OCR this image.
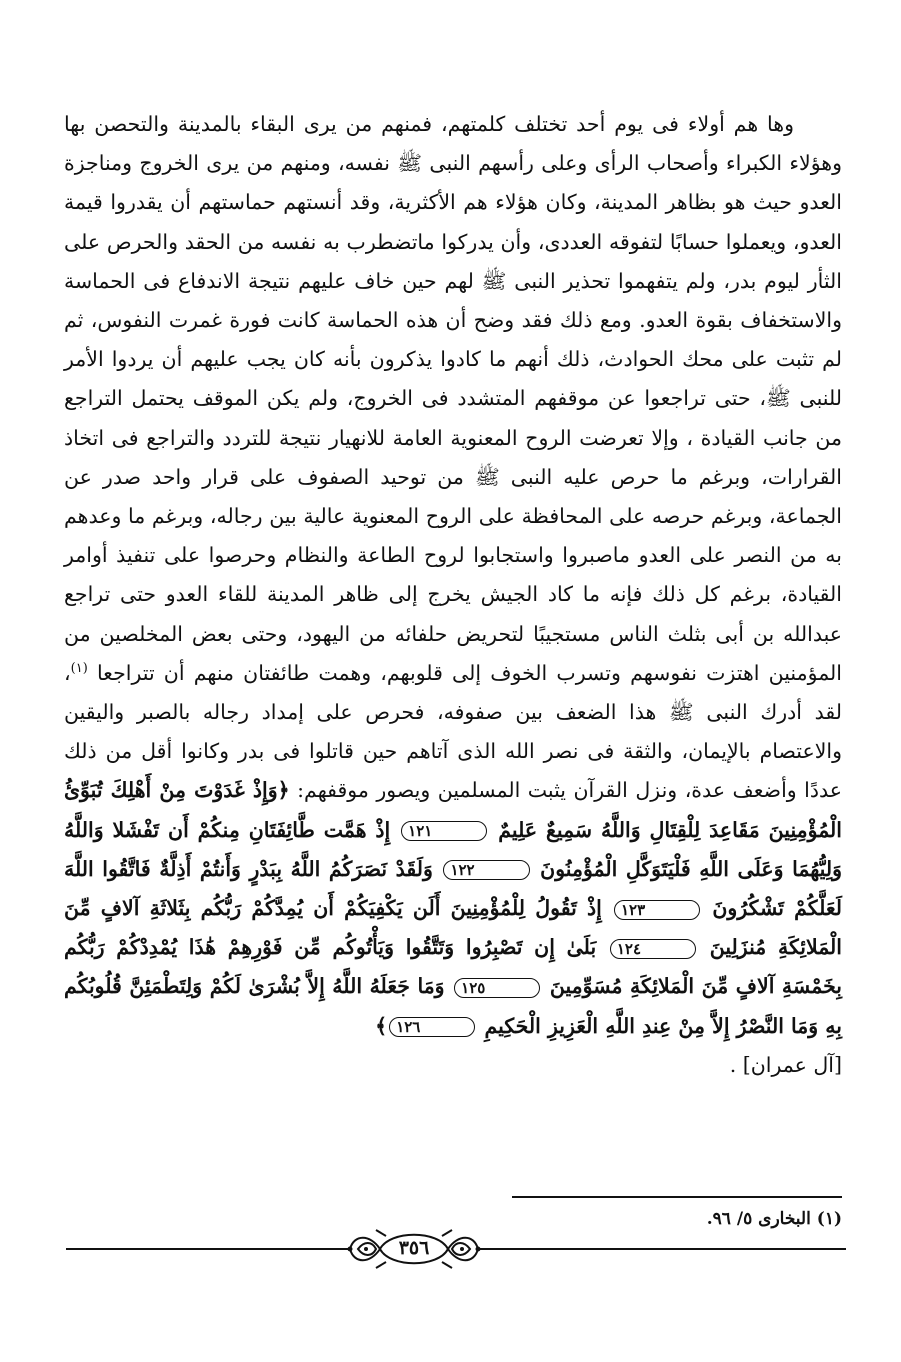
وها هم أولاء فى يوم أحد تختلف كلمتهم، فمنهم من يرى البقاء بالمدينة والتحصن بها وهؤلاء الكبراء وأصحاب الرأى وعلى رأسهم النبى ﷺ نفسه، ومنهم من يرى الخروج ومناجزة العدو حيث هو بظاهر المدينة، وكان هؤلاء هم الأكثرية، وقد أنستهم حماستهم أن يقدروا قيمة العدو، ويعملوا حسابًا لتفوقه العددى، وأن يدركوا ماتضطرب به نفسه من الحقد والحرص على الثأر ليوم بدر، ولم يتفهموا تحذير النبى ﷺ لهم حين خاف عليهم نتيجة الاندفاع فى الحماسة والاستخفاف بقوة العدو. ومع ذلك فقد وضح أن هذه الحماسة كانت فورة غمرت النفوس، ثم لم تثبت على محك الحوادث، ذلك أنهم ما كادوا يذكرون بأنه كان يجب عليهم أن يردوا الأمر للنبى ﷺ، حتى تراجعوا عن موقفهم المتشدد فى الخروج، ولم يكن الموقف يحتمل التراجع من جانب القيادة ، وإلا تعرضت الروح المعنوية العامة للانهيار نتيجة للتردد والتراجع فى اتخاذ القرارات، وبرغم ما حرص عليه النبى ﷺ من توحيد الصفوف على قرار واحد صدر عن الجماعة، وبرغم حرصه على المحافظة على الروح المعنوية عالية بين رجاله، وبرغم ما وعدهم به من النصر على العدو ماصبروا واستجابوا لروح الطاعة والنظام وحرصوا على تنفيذ أوامر القيادة، برغم كل ذلك فإنه ما كاد الجيش يخرج إلى ظاهر المدينة للقاء العدو حتى تراجع عبدالله بن أبى بثلث الناس مستجيبًا لتحريض حلفائه من اليهود، وحتى بعض المخلصين من المؤمنين اهتزت نفوسهم وتسرب الخوف إلى قلوبهم، وهمت طائفتان منهم أن تتراجعا $^{(١)}$، لقد أدرك النبى ﷺ هذا الضعف بين صفوفه، فحرص على إمداد رجاله بالصبر واليقين والاعتصام بالإيمان، والثقة فى نصر الله الذى آتاهم حين قاتلوا فى بدر وكانوا أقل من ذلك عددًا وأضعف عدة، ونزل القرآن يثبت المسلمين ويصور موقفهم: ﴿وَإِذْ غَدَوْتَ مِنْ أَهْلِكَ تُبَوِّئُ الْمُؤْمِنِينَ مَقَاعِدَ لِلْقِتَالِ وَاللَّهُ سَمِيعٌ عَلِيمٌ ١٢١ إِذْ هَمَّت طَّائِفَتَانِ مِنكُمْ أَن تَفْشَلا وَاللَّهُ وَلِيُّهُمَا وَعَلَى اللَّهِ فَلْيَتَوَكَّلِ الْمُؤْمِنُونَ ١٢٢ وَلَقَدْ نَصَرَكُمُ اللَّهُ بِبَدْرٍ وَأَنتُمْ أَذِلَّةٌ فَاتَّقُوا اللَّهَ لَعَلَّكُمْ تَشْكُرُونَ ١٢٣ إِذْ تَقُولُ لِلْمُؤْمِنِينَ أَلَن يَكْفِيَكُمْ أَن يُمِدَّكُمْ رَبُّكُم بِثَلاثَةِ آلافٍ مِّنَ الْمَلائِكَةِ مُنزَلِينَ ١٢٤ بَلَىٰ إِن تَصْبِرُوا وَتَتَّقُوا وَيَأْتُوكُم مِّن فَوْرِهِمْ هَٰذَا يُمْدِدْكُمْ رَبُّكُم بِخَمْسَةِ آلافٍ مِّنَ الْمَلائِكَةِ مُسَوِّمِينَ ١٢٥ وَمَا جَعَلَهُ اللَّهُ إِلاَّ بُشْرَىٰ لَكُمْ وَلِتَطْمَئِنَّ قُلُوبُكُم بِهِ وَمَا النَّصْرُ إِلاَّ مِنْ عِندِ اللَّهِ الْعَزِيزِ الْحَكِيمِ ١٢٦﴾
[آل عمران] .

(١) البخارى ٥/ ٩٦.
٣٥٦
